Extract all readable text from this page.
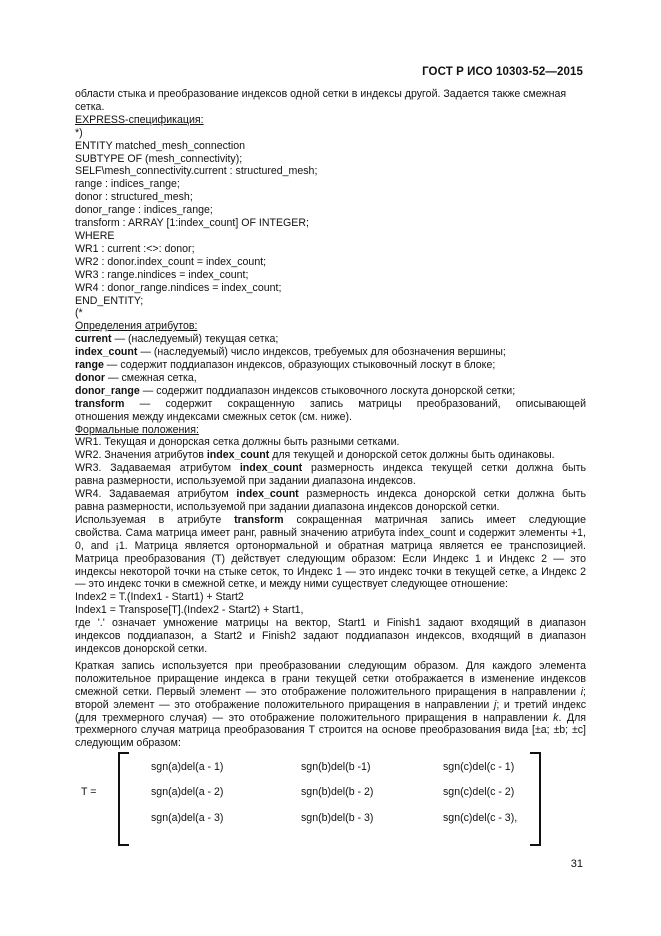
ГОСТ Р ИСО 10303-52—2015

области стыка и преобразование индексов одной сетки в индексы другой. Задается также смежная

сетка.

EXPRESS-спецификация:
*)
ENTITY matched_mesh_connection
SUBTYPE OF (mesh_connectivity);
SELF\mesh_connectivity.current : structured_mesh;
range : indices_range;
donor : structured_mesh;
donor_range : indices_range;
transform : ARRAY [1:index_count] OF INTEGER;
WHERE
WR1 : current :<>: donor;
WR2 : donor.index_count = index_count;
WR3 : range.nindices = index_count;
WR4 : donor_range.nindices = index_count;
END_ENTITY;
(*
Определения атрибутов:
current — (наследуемый) текущая сетка;
index_count — (наследуемый) число индексов, требуемых для обозначения вершины;
range — содержит поддиапазон индексов, образующих стыковочный лоскут в блоке;
donor — смежная сетка,
donor_range — содержит поддиапазон индексов стыковочного лоскута донорской сетки;
transform — содержит сокращенную запись матрицы преобразований, описывающей
отношения между индексами смежных сеток (см. ниже).
Формальные положения:
WR1. Текущая и донорская сетка должны быть разными сетками.
WR2. Значения атрибутов index_count для текущей и донорской сеток должны быть одинаковы.
WR3. Задаваемая атрибутом index_count размерность индекса текущей сетки должна быть
равна размерности, используемой при задании диапазона индексов.
WR4. Задаваемая атрибутом index_count размерность индекса донорской сетки должна быть
равна размерности, используемой при задании диапазона индексов донорской сетки.
Используемая в атрибуте transform сокращенная матричная запись имеет следующие
свойства. Сама матрица имеет ранг, равный значению атрибута index_count и содержит элементы +1,
0, and ¡1. Матрица является ортонормальной и обратная матрица является ее транспозицией.
Матрица преобразования (T) действует следующим образом: Если Индекс 1 и Индекс 2 — это
индексы некоторой точки на стыке сеток, то Индекс 1 — это индекс точки в текущей сетке, а Индекс 2
— это индекс точки в смежной сетке, и между ними существует следующее отношение:
Index2 = T.(Index1 - Start1) + Start2
Index1 = Transpose[T].(Index2 - Start2) + Start1,
где '.' означает умножение матрицы на вектор, Start1 и Finish1 задают входящий в диапазон
индексов поддиапазон, а Start2 и Finish2 задают поддиапазон индексов, входящий в диапазон
индексов донорской сетки.
Краткая запись используется при преобразовании следующим образом. Для каждого элемента
положительное приращение индекса в грани текущей сетки отображается в изменение индексов
смежной сетки. Первый элемент — это отображение положительного приращения в направлении i;
второй элемент — это отображение положительного приращения в направлении j; и третий индекс
(для трехмерного случая) — это отображение положительного приращения в направлении k. Для
трехмерного случая матрица преобразования T строится на основе преобразования вида [±a; ±b; ±c]
следующим образом:
T =
sgn(a)del(a - 1)	sgn(b)del(b -1)	sgn(c)del(c - 1)
sgn(a)del(a - 2)	sgn(b)del(b - 2)	sgn(c)del(c - 2)
sgn(a)del(a - 3)	sgn(b)del(b - 3)	sgn(c)del(c - 3),
31
